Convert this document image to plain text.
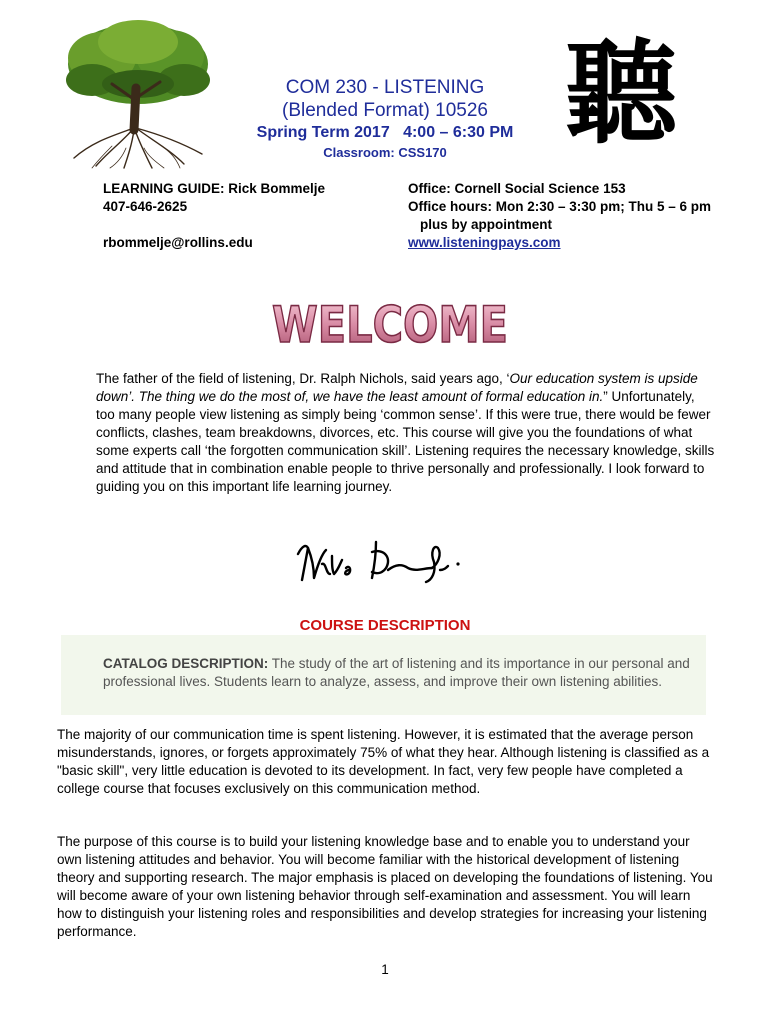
聽
COM 230 - LISTENING
(Blended Format) 10526
Spring Term 2017   4:00 – 6:30 PM
Classroom: CSS170
LEARNING GUIDE: Rick Bommelje
407-646-2625
rbommelje@rollins.edu
Office: Cornell Social Science 153
Office hours: Mon 2:30 – 3:30 pm; Thu 5 – 6 pm
plus by appointment
www.listeningpays.com
WELCOME
The father of the field of listening, Dr. Ralph Nichols, said years ago, ‘Our education system is upside down’. The thing we do the most of, we have the least amount of formal education in.” Unfortunately, too many people view listening as simply being ‘common sense’. If this were true, there would be fewer conflicts, clashes, team breakdowns, divorces, etc. This course will give you the foundations of what some experts call ‘the forgotten communication skill’. Listening requires the necessary knowledge, skills and attitude that in combination enable people to thrive personally and professionally. I look forward to guiding you on this important life learning journey.
COURSE DESCRIPTION
CATALOG DESCRIPTION: The study of the art of listening and its importance in our personal and professional lives. Students learn to analyze, assess, and improve their own listening abilities.
The majority of our communication time is spent listening. However, it is estimated that the average person misunderstands, ignores, or forgets approximately 75% of what they hear. Although listening is classified as a "basic skill", very little education is devoted to its development. In fact, very few people have completed a college course that focuses exclusively on this communication method.
The purpose of this course is to build your listening knowledge base and to enable you to understand your own listening attitudes and behavior. You will become familiar with the historical development of listening theory and supporting research. The major emphasis is placed on developing the foundations of listening. You will become aware of your own listening behavior through self-examination and assessment. You will learn how to distinguish your listening roles and responsibilities and develop strategies for increasing your listening performance.
1
